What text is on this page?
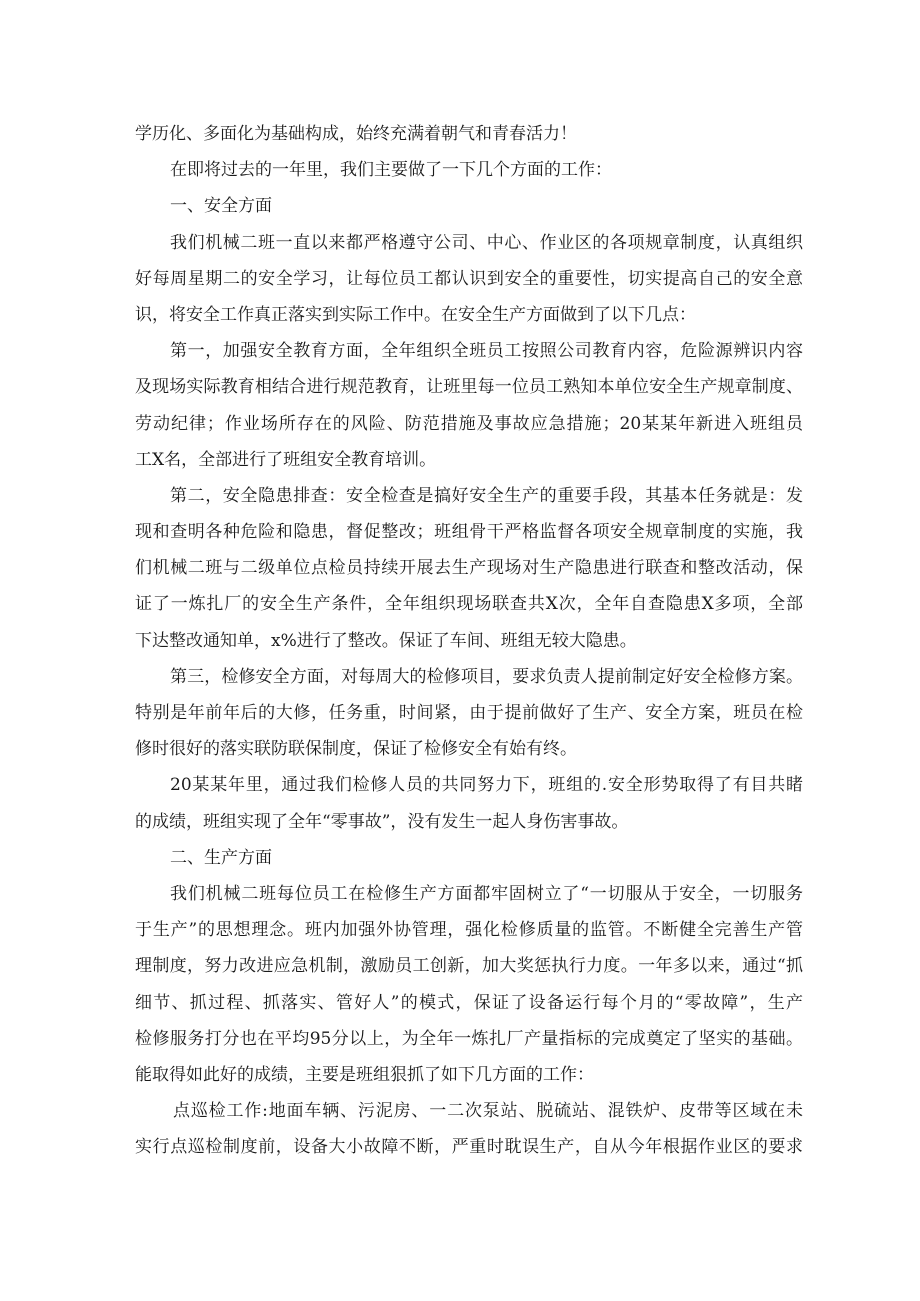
学历化、多面化为基础构成，始终充满着朝气和青春活力！
在即将过去的一年里，我们主要做了一下几个方面的工作：
一、安全方面
我们机械二班一直以来都严格遵守公司、中心、作业区的各项规章制度，认真组织
好每周星期二的安全学习，让每位员工都认识到安全的重要性，切实提高自己的安全意
识，将安全工作真正落实到实际工作中。在安全生产方面做到了以下几点：
第一，加强安全教育方面，全年组织全班员工按照公司教育内容，危险源辨识内容
及现场实际教育相结合进行规范教育，让班里每一位员工熟知本单位安全生产规章制度、
劳动纪律；作业场所存在的风险、防范措施及事故应急措施；20某某年新进入班组员
工X名，全部进行了班组安全教育培训。
第二，安全隐患排查：安全检查是搞好安全生产的重要手段，其基本任务就是：发
现和查明各种危险和隐患，督促整改；班组骨干严格监督各项安全规章制度的实施，我
们机械二班与二级单位点检员持续开展去生产现场对生产隐患进行联查和整改活动，保
证了一炼扎厂的安全生产条件，全年组织现场联查共X次，全年自查隐患X多项，全部
下达整改通知单，x%进行了整改。保证了车间、班组无较大隐患。
第三，检修安全方面，对每周大的检修项目，要求负责人提前制定好安全检修方案。
特别是年前年后的大修，任务重，时间紧，由于提前做好了生产、安全方案，班员在检
修时很好的落实联防联保制度，保证了检修安全有始有终。
20某某年里，通过我们检修人员的共同努力下，班组的.安全形势取得了有目共睹
的成绩，班组实现了全年“零事故”，没有发生一起人身伤害事故。
二、生产方面
我们机械二班每位员工在检修生产方面都牢固树立了“一切服从于安全，一切服务
于生产”的思想理念。班内加强外协管理，强化检修质量的监管。不断健全完善生产管
理制度，努力改进应急机制，激励员工创新，加大奖惩执行力度。一年多以来，通过“抓
细节、抓过程、抓落实、管好人”的模式，保证了设备运行每个月的“零故障”，生产
检修服务打分也在平均95分以上，为全年一炼扎厂产量指标的完成奠定了坚实的基础。
能取得如此好的成绩，主要是班组狠抓了如下几方面的工作：
点巡检工作:地面车辆、污泥房、一二次泵站、脱硫站、混铁炉、皮带等区域在未
实行点巡检制度前，设备大小故障不断，严重时耽误生产，自从今年根据作业区的要求
